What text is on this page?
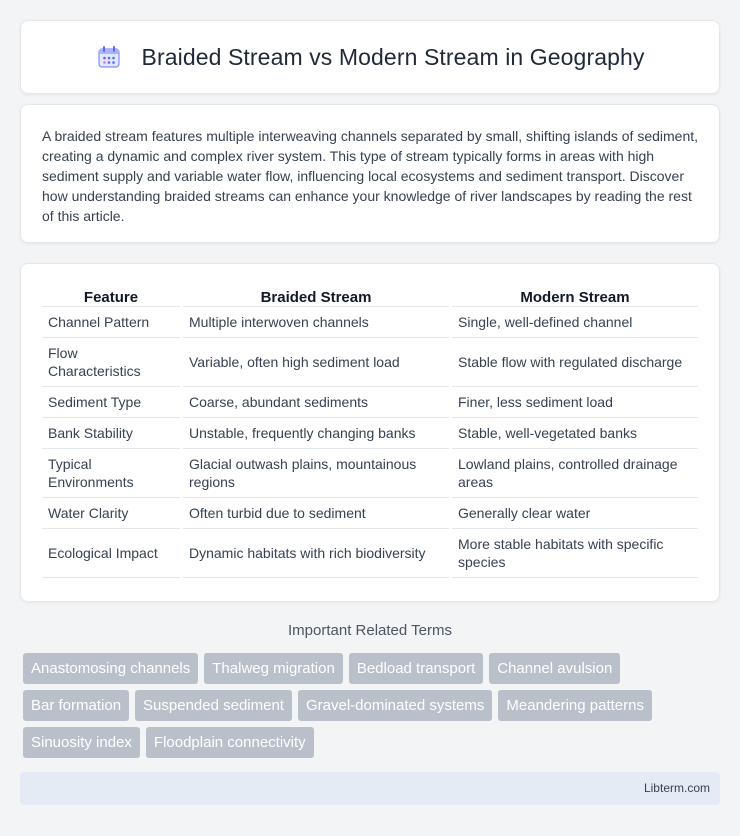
Braided Stream vs Modern Stream in Geography

A braided stream features multiple interweaving channels separated by small, shifting islands of sediment, creating a dynamic and complex river system. This type of stream typically forms in areas with high sediment supply and variable water flow, influencing local ecosystems and sediment transport. Discover how understanding braided streams can enhance your knowledge of river landscapes by reading the rest of this article.

Feature	Braided Stream	Modern Stream
Channel Pattern	Multiple interwoven channels	Single, well-defined channel
Flow Characteristics	Variable, often high sediment load	Stable flow with regulated discharge
Sediment Type	Coarse, abundant sediments	Finer, less sediment load
Bank Stability	Unstable, frequently changing banks	Stable, well-vegetated banks
Typical Environments	Glacial outwash plains, mountainous regions	Lowland plains, controlled drainage areas
Water Clarity	Often turbid due to sediment	Generally clear water
Ecological Impact	Dynamic habitats with rich biodiversity	More stable habitats with specific species
Important Related Terms
Anastomosing channels	Thalweg migration	Bedload transport	Channel avulsion
Bar formation	Suspended sediment	Gravel-dominated systems	Meandering patterns
Sinuosity index	Floodplain connectivity
Libterm.com
